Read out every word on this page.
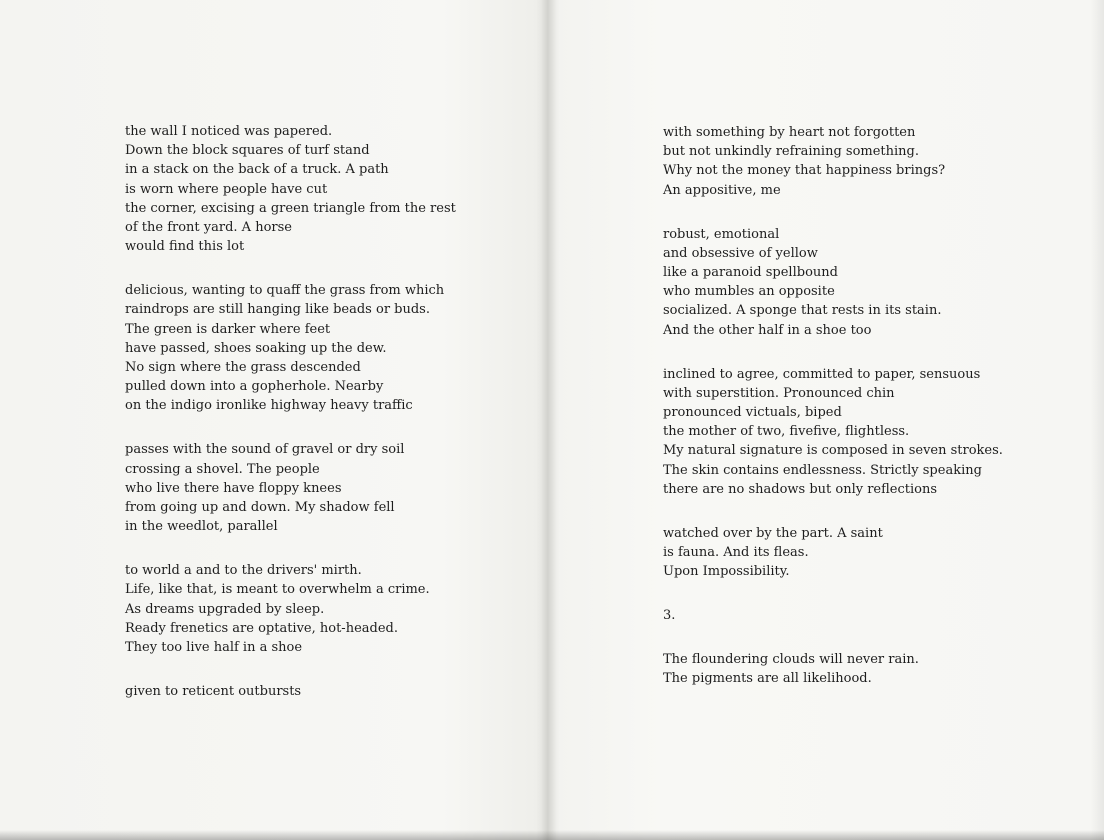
the wall I noticed was papered.
Down the block squares of turf stand
in a stack on the back of a truck. A path
is worn where people have cut
the corner, excising a green triangle from the rest
of the front yard. A horse
would find this lot
delicious, wanting to quaff the grass from which
raindrops are still hanging like beads or buds.
The green is darker where feet
have passed, shoes soaking up the dew.
No sign where the grass descended
pulled down into a gopherhole. Nearby
on the indigo ironlike highway heavy traffic
passes with the sound of gravel or dry soil
crossing a shovel. The people
who live there have floppy knees
from going up and down. My shadow fell
in the weedlot, parallel
to world a and to the drivers' mirth.
Life, like that, is meant to overwhelm a crime.
As dreams upgraded by sleep.
Ready frenetics are optative, hot-headed.
They too live half in a shoe
given to reticent outbursts
with something by heart not forgotten
but not unkindly refraining something.
Why not the money that happiness brings?
An appositive, me
robust, emotional
and obsessive of yellow
like a paranoid spellbound
who mumbles an opposite
socialized. A sponge that rests in its stain.
And the other half in a shoe too
inclined to agree, committed to paper, sensuous
with superstition. Pronounced chin
pronounced victuals, biped
the mother of two, fivefive, flightless.
My natural signature is composed in seven strokes.
The skin contains endlessness. Strictly speaking
there are no shadows but only reflections
watched over by the part. A saint
is fauna. And its fleas.
Upon Impossibility.
3.
The floundering clouds will never rain.
The pigments are all likelihood.
